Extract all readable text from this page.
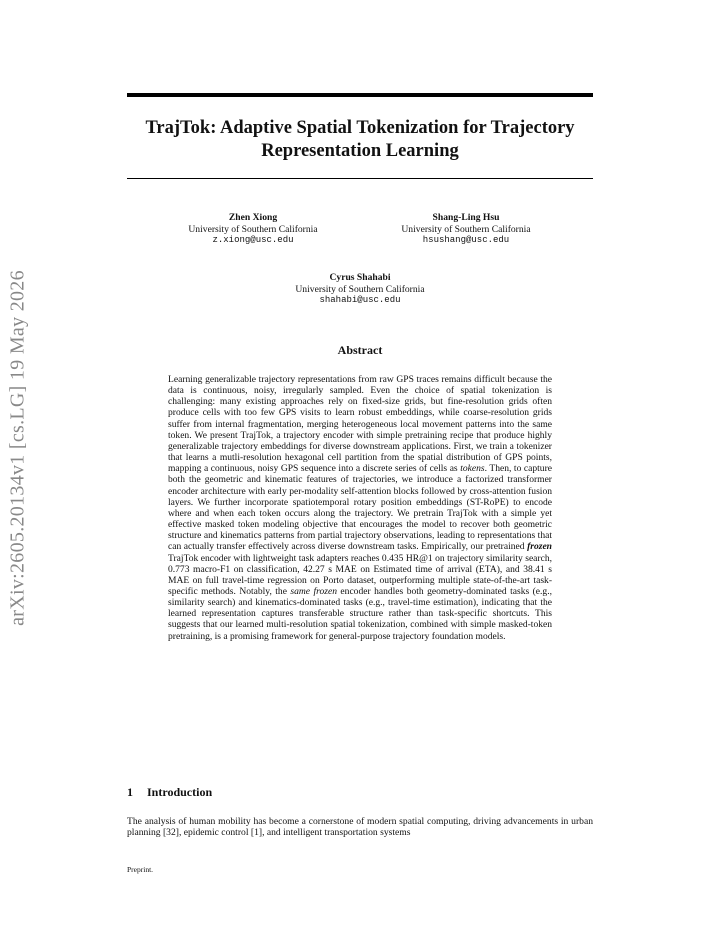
arXiv:2605.20134v1 [cs.LG] 19 May 2026
TrajTok: Adaptive Spatial Tokenization for Trajectory Representation Learning
Zhen Xiong
University of Southern California
z.xiong@usc.edu
Shang-Ling Hsu
University of Southern California
hsushang@usc.edu
Cyrus Shahabi
University of Southern California
shahabi@usc.edu
Abstract
Learning generalizable trajectory representations from raw GPS traces remains difficult because the data is continuous, noisy, irregularly sampled. Even the choice of spatial tokenization is challenging: many existing approaches rely on fixed-size grids, but fine-resolution grids often produce cells with too few GPS visits to learn robust embeddings, while coarse-resolution grids suffer from internal fragmentation, merging heterogeneous local movement patterns into the same token. We present TrajTok, a trajectory encoder with simple pretraining recipe that produce highly generalizable trajectory embeddings for diverse downstream applications. First, we train a tokenizer that learns a mutli-resolution hexagonal cell partition from the spatial distribution of GPS points, mapping a continuous, noisy GPS sequence into a discrete series of cells as tokens. Then, to capture both the geometric and kinematic features of trajectories, we introduce a factorized transformer encoder architecture with early per-modality self-attention blocks followed by cross-attention fusion layers. We further incorporate spatiotemporal rotary position embeddings (ST-RoPE) to encode where and when each token occurs along the trajectory. We pretrain TrajTok with a simple yet effective masked token modeling objective that encourages the model to recover both geometric structure and kinematics patterns from partial trajectory observations, leading to representations that can actually transfer effectively across diverse downstream tasks. Empirically, our pretrained frozen TrajTok encoder with lightweight task adapters reaches 0.435 HR@1 on trajectory similarity search, 0.773 macro-F1 on classification, 42.27 s MAE on Estimated time of arrival (ETA), and 38.41 s MAE on full travel-time regression on Porto dataset, outperforming multiple state-of-the-art task-specific methods. Notably, the same frozen encoder handles both geometry-dominated tasks (e.g., similarity search) and kinematics-dominated tasks (e.g., travel-time estimation), indicating that the learned representation captures transferable structure rather than task-specific shortcuts. This suggests that our learned multi-resolution spatial tokenization, combined with simple masked-token pretraining, is a promising framework for general-purpose trajectory foundation models.
1 Introduction
The analysis of human mobility has become a cornerstone of modern spatial computing, driving advancements in urban planning [32], epidemic control [1], and intelligent transportation systems
Preprint.
